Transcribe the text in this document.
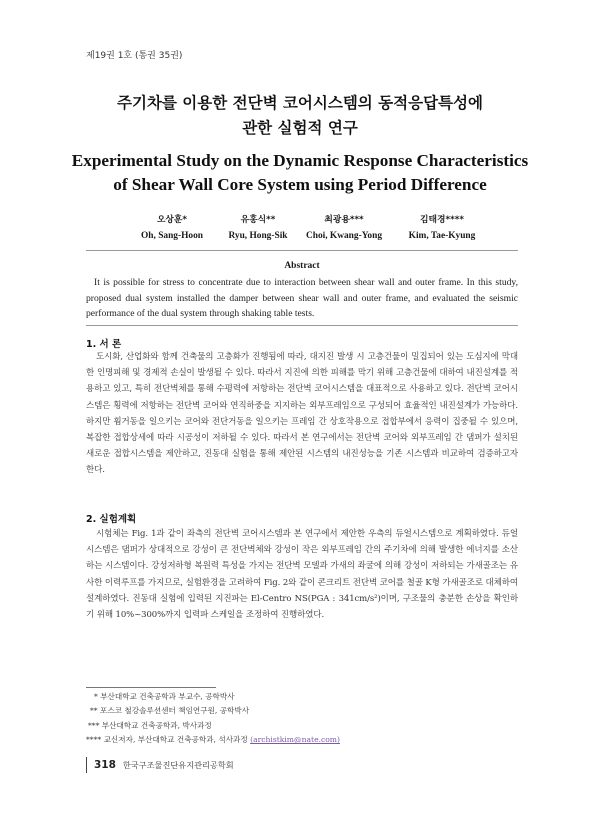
제19권 1호 (통권 35권)
주기차를 이용한 전단벽 코어시스템의 동적응답특성에
관한 실험적 연구
Experimental Study on the Dynamic Response Characteristics
of Shear Wall Core System using Period Difference
오상훈*
Oh, Sang-Hoon
유홍식**
Ryu, Hong-Sik
최광용***
Choi, Kwang-Yong
김태경****
Kim, Tae-Kyung
Abstract
It is possible for stress to concentrate due to interaction between shear wall and outer frame. In this study, proposed dual system installed the damper between shear wall and outer frame, and evaluated the seismic performance of the dual system through shaking table tests.
1. 서 론
도시화, 산업화와 함께 건축물의 고층화가 진행됨에 따라, 대지진 발생 시 고층건물이 밀집되어 있는 도심지에 막대한 인명피해 및 경제적 손실이 발생될 수 있다. 따라서 지진에 의한 피해를 막기 위해 고층건물에 대하여 내진설계를 적용하고 있고, 특히 전단벽체를 통해 수평력에 저항하는 전단벽 코어시스템을 대표적으로 사용하고 있다. 전단벽 코어시스템은 횡력에 저항하는 전단벽 코어와 연직하중을 지지하는 외부프레임으로 구성되어 효율적인 내진설계가 가능하다. 하지만 휨거동을 일으키는 코어와 전단거동을 일으키는 프레임 간 상호작용으로 접합부에서 응력이 집중될 수 있으며, 복잡한 접합상세에 따라 시공성이 저하될 수 있다. 따라서 본 연구에서는 전단벽 코어와 외부프레임 간 댐퍼가 설치된 새로운 접합시스템을 제안하고, 진동대 실험을 통해 제안된 시스템의 내진성능을 기존 시스템과 비교하여 검증하고자 한다.
2. 실험계획
시험체는 Fig. 1과 같이 좌측의 전단벽 코어시스템과 본 연구에서 제안한 우측의 듀얼시스템으로 계획하였다. 듀얼시스템은 댐퍼가 상대적으로 강성이 큰 전단벽체와 강성이 작은 외부프레임 간의 주기차에 의해 발생한 에너지를 소산하는 시스템이다. 강성저하형 복원력 특성을 가지는 전단벽 모델과 가새의 좌굴에 의해 강성이 저하되는 가새골조는 유사한 이력루프를 가지므로, 실험환경을 고려하여 Fig. 2와 같이 콘크리트 전단벽 코어를 철골 K형 가새골조로 대체하여 설계하였다. 진동대 실험에 입력된 지진파는 El-Centro NS(PGA : 341cm/s²)이며, 구조물의 충분한 손상을 확인하기 위해 10%~300%까지 입력파 스케일을 조정하여 진행하였다.
* 부산대학교 건축공학과 부교수, 공학박사
** 포스코 철강솔루션센터 책임연구원, 공학박사
*** 부산대학교 건축공학과, 박사과정
**** 교신저자, 부산대학교 건축공학과, 석사과정 (archistkim@nate.com)
318 한국구조물진단유지관리공학회
